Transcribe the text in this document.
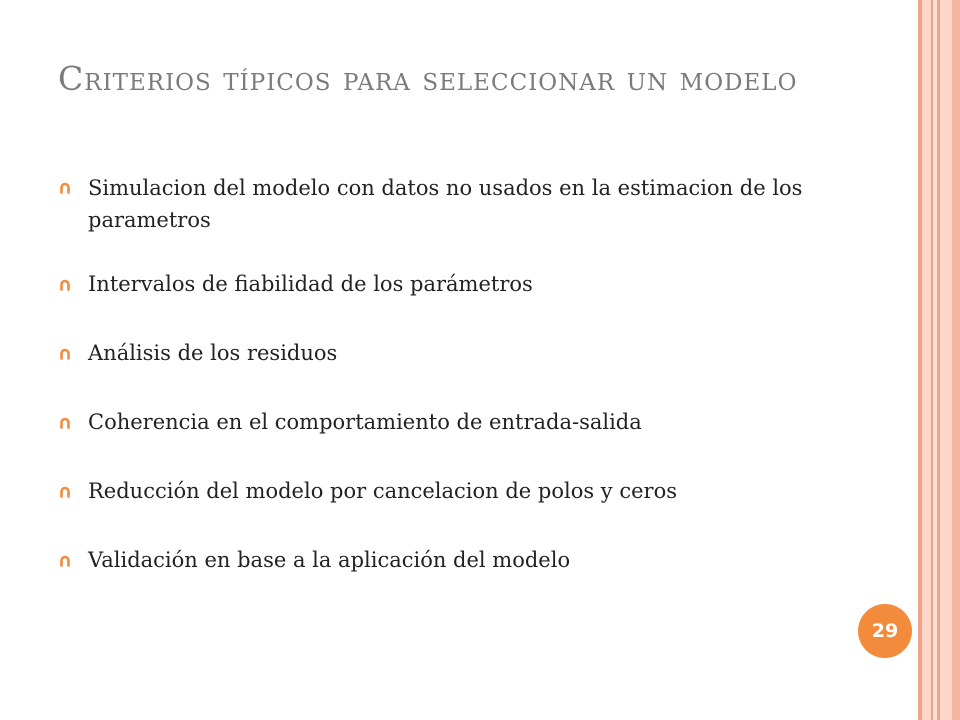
Criterios típicos para seleccionar un modelo
Simulacion del modelo con datos no usados en la estimacion de los parametros
Intervalos de fiabilidad de los parámetros
Análisis de los residuos
Coherencia en el comportamiento de entrada-salida
Reducción del modelo por cancelacion de polos y ceros
Validación en base a la aplicación del modelo
29
